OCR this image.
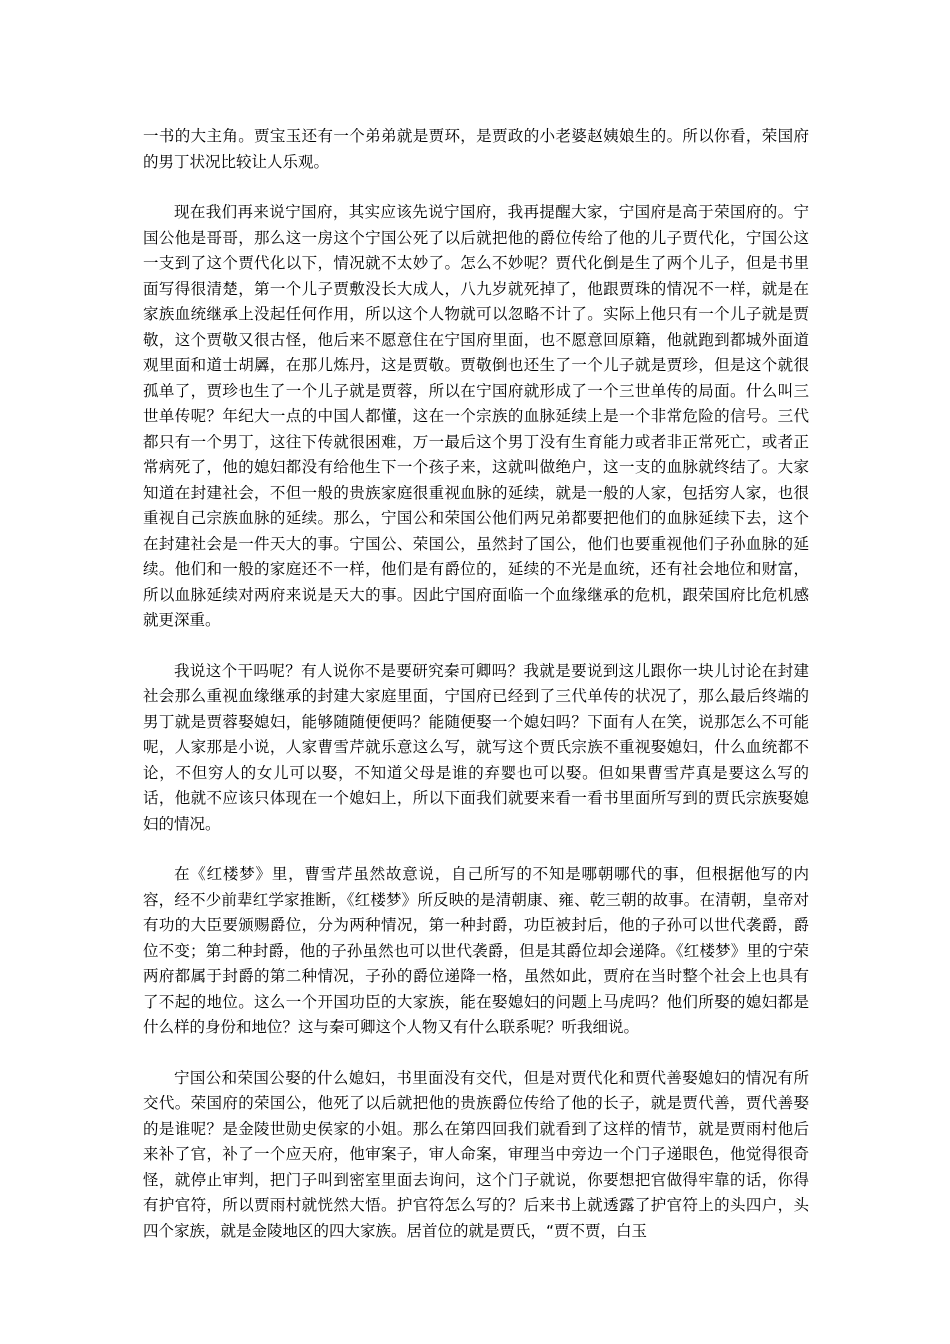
一书的大主角。贾宝玉还有一个弟弟就是贾环，是贾政的小老婆赵姨娘生的。所以你看，荣国府的男丁状况比较让人乐观。

现在我们再来说宁国府，其实应该先说宁国府，我再提醒大家，宁国府是高于荣国府的。宁国公他是哥哥，那么这一房这个宁国公死了以后就把他的爵位传给了他的儿子贾代化，宁国公这一支到了这个贾代化以下，情况就不太妙了。怎么不妙呢？贾代化倒是生了两个儿子，但是书里面写得很清楚，第一个儿子贾敷没长大成人，八九岁就死掉了，他跟贾珠的情况不一样，就是在家族血统继承上没起任何作用，所以这个人物就可以忽略不计了。实际上他只有一个儿子就是贾敬，这个贾敬又很古怪，他后来不愿意住在宁国府里面，也不愿意回原籍，他就跑到都城外面道观里面和道士胡羼，在那儿炼丹，这是贾敬。贾敬倒也还生了一个儿子就是贾珍，但是这个就很孤单了，贾珍也生了一个儿子就是贾蓉，所以在宁国府就形成了一个三世单传的局面。什么叫三世单传呢？年纪大一点的中国人都懂，这在一个宗族的血脉延续上是一个非常危险的信号。三代都只有一个男丁，这往下传就很困难，万一最后这个男丁没有生育能力或者非正常死亡，或者正常病死了，他的媳妇都没有给他生下一个孩子来，这就叫做绝户，这一支的血脉就终结了。大家知道在封建社会，不但一般的贵族家庭很重视血脉的延续，就是一般的人家，包括穷人家，也很重视自己宗族血脉的延续。那么，宁国公和荣国公他们两兄弟都要把他们的血脉延续下去，这个在封建社会是一件天大的事。宁国公、荣国公，虽然封了国公，他们也要重视他们子孙血脉的延续。他们和一般的家庭还不一样，他们是有爵位的，延续的不光是血统，还有社会地位和财富，所以血脉延续对两府来说是天大的事。因此宁国府面临一个血缘继承的危机，跟荣国府比危机感就更深重。

我说这个干吗呢？有人说你不是要研究秦可卿吗？我就是要说到这儿跟你一块儿讨论在封建社会那么重视血缘继承的封建大家庭里面，宁国府已经到了三代单传的状况了，那么最后终端的男丁就是贾蓉娶媳妇，能够随随便便吗？能随便娶一个媳妇吗？下面有人在笑，说那怎么不可能呢，人家那是小说，人家曹雪芹就乐意这么写，就写这个贾氏宗族不重视娶媳妇，什么血统都不论，不但穷人的女儿可以娶，不知道父母是谁的弃婴也可以娶。但如果曹雪芹真是要这么写的话，他就不应该只体现在一个媳妇上，所以下面我们就要来看一看书里面所写到的贾氏宗族娶媳妇的情况。

在《红楼梦》里，曹雪芹虽然故意说，自己所写的不知是哪朝哪代的事，但根据他写的内容，经不少前辈红学家推断，《红楼梦》所反映的是清朝康、雍、乾三朝的故事。在清朝，皇帝对有功的大臣要颁赐爵位，分为两种情况，第一种封爵，功臣被封后，他的子孙可以世代袭爵，爵位不变；第二种封爵，他的子孙虽然也可以世代袭爵，但是其爵位却会递降。《红楼梦》里的宁荣两府都属于封爵的第二种情况，子孙的爵位递降一格，虽然如此，贾府在当时整个社会上也具有了不起的地位。这么一个开国功臣的大家族，能在娶媳妇的问题上马虎吗？他们所娶的媳妇都是什么样的身份和地位？这与秦可卿这个人物又有什么联系呢？听我细说。

宁国公和荣国公娶的什么媳妇，书里面没有交代，但是对贾代化和贾代善娶媳妇的情况有所交代。荣国府的荣国公，他死了以后就把他的贵族爵位传给了他的长子，就是贾代善，贾代善娶的是谁呢？是金陵世勋史侯家的小姐。那么在第四回我们就看到了这样的情节，就是贾雨村他后来补了官，补了一个应天府，他审案子，审人命案，审理当中旁边一个门子递眼色，他觉得很奇怪，就停止审判，把门子叫到密室里面去询问，这个门子就说，你要想把官做得牢靠的话，你得有护官符，所以贾雨村就恍然大悟。护官符怎么写的？后来书上就透露了护官符上的头四户，头四个家族，就是金陵地区的四大家族。居首位的就是贾氏，“贾不贾，白玉
